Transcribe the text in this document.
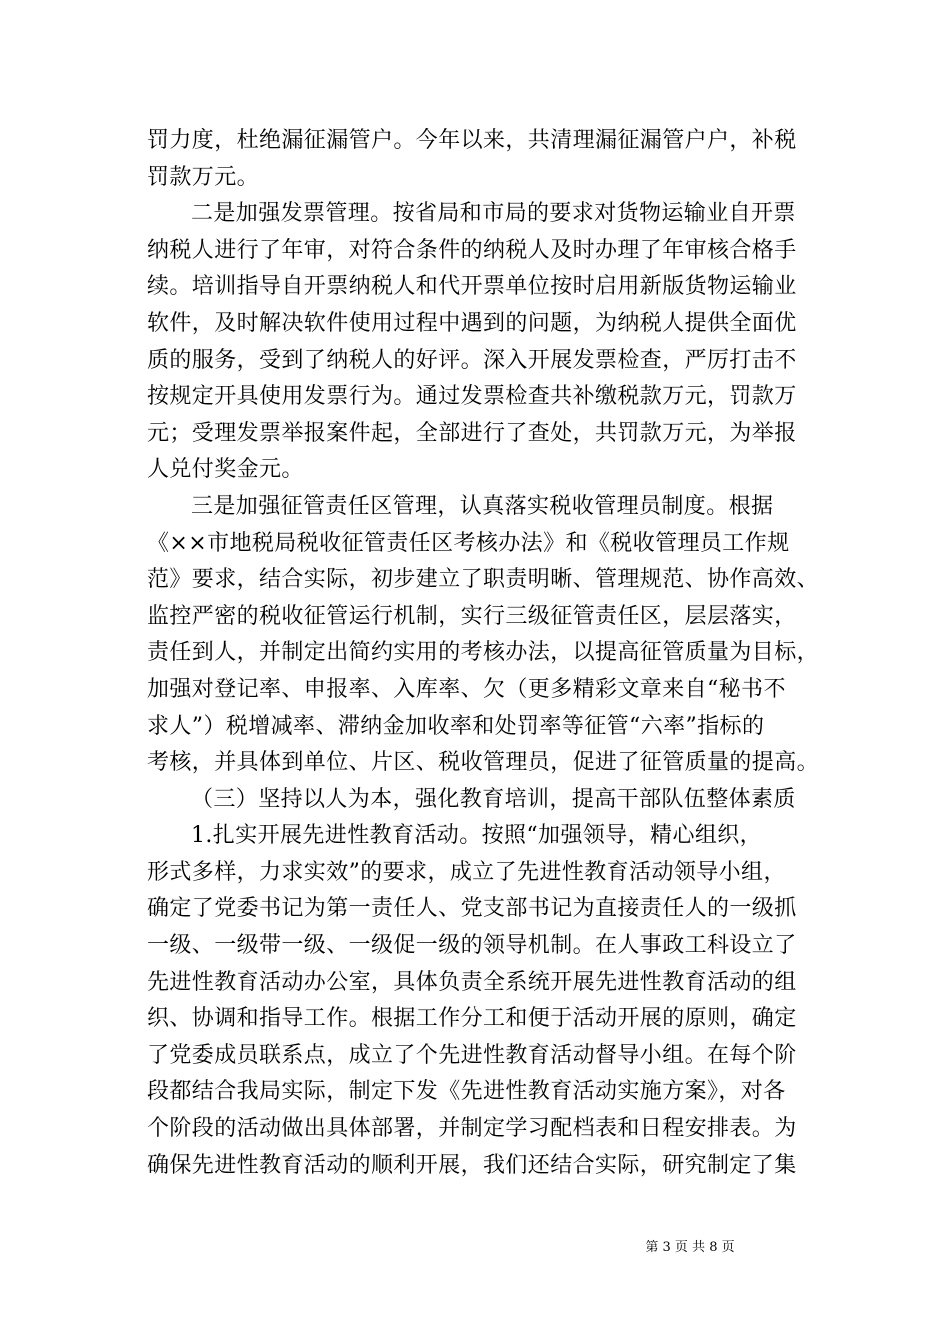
罚力度，杜绝漏征漏管户。今年以来，共清理漏征漏管户户，补税
罚款万元。
二是加强发票管理。按省局和市局的要求对货物运输业自开票
纳税人进行了年审，对符合条件的纳税人及时办理了年审核合格手
续。培训指导自开票纳税人和代开票单位按时启用新版货物运输业
软件，及时解决软件使用过程中遇到的问题，为纳税人提供全面优
质的服务，受到了纳税人的好评。深入开展发票检查，严厉打击不
按规定开具使用发票行为。通过发票检查共补缴税款万元，罚款万
元；受理发票举报案件起，全部进行了查处，共罚款万元，为举报
人兑付奖金元。
三是加强征管责任区管理，认真落实税收管理员制度。根据
《××市地税局税收征管责任区考核办法》和《税收管理员工作规
范》要求，结合实际，初步建立了职责明晰、管理规范、协作高效、
监控严密的税收征管运行机制，实行三级征管责任区，层层落实，
责任到人，并制定出简约实用的考核办法，以提高征管质量为目标，
加强对登记率、申报率、入库率、欠（更多精彩文章来自“秘书不
求人”）税增减率、滞纳金加收率和处罚率等征管“六率”指标的
考核，并具体到单位、片区、税收管理员，促进了征管质量的提高。
（三）坚持以人为本，强化教育培训，提高干部队伍整体素质
1.扎实开展先进性教育活动。按照“加强领导，精心组织，
形式多样，力求实效”的要求，成立了先进性教育活动领导小组，
确定了党委书记为第一责任人、党支部书记为直接责任人的一级抓
一级、一级带一级、一级促一级的领导机制。在人事政工科设立了
先进性教育活动办公室，具体负责全系统开展先进性教育活动的组
织、协调和指导工作。根据工作分工和便于活动开展的原则，确定
了党委成员联系点，成立了个先进性教育活动督导小组。在每个阶
段都结合我局实际，制定下发《先进性教育活动实施方案》，对各
个阶段的活动做出具体部署，并制定学习配档表和日程安排表。为
确保先进性教育活动的顺利开展，我们还结合实际，研究制定了集
第 3 页 共 8 页
